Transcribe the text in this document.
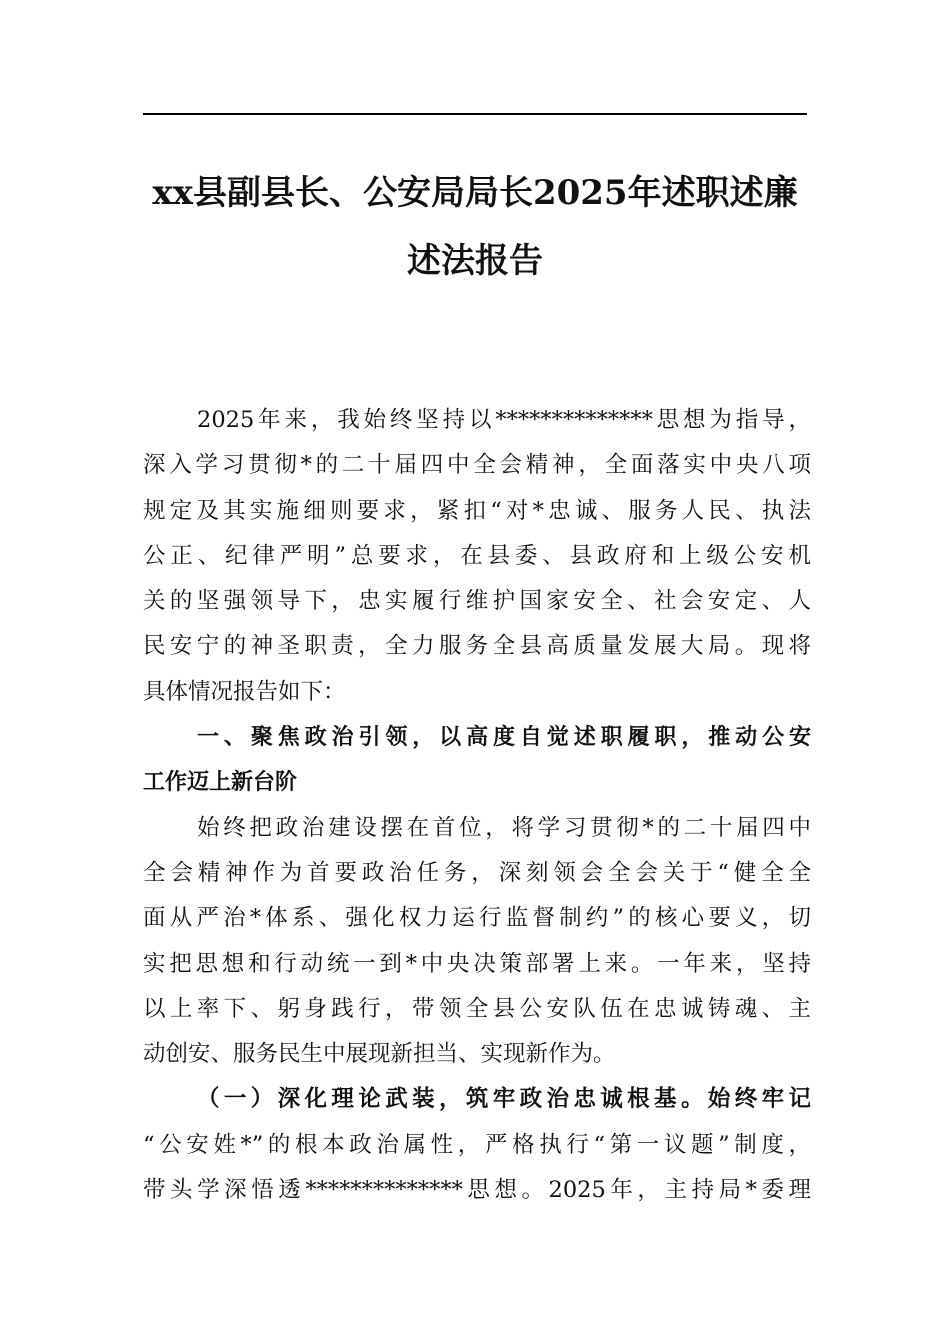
xx县副县长、公安局局长2025年述职述廉
述法报告
2025年来，我始终坚持以**************思想为指导，
深入学习贯彻*的二十届四中全会精神，全面落实中央八项
规定及其实施细则要求，紧扣“对*忠诚、服务人民、执法
公正、纪律严明”总要求，在县委、县政府和上级公安机
关的坚强领导下，忠实履行维护国家安全、社会安定、人
民安宁的神圣职责，全力服务全县高质量发展大局。现将
具体情况报告如下：
一、聚焦政治引领，以高度自觉述职履职，推动公安
工作迈上新台阶
始终把政治建设摆在首位，将学习贯彻*的二十届四中
全会精神作为首要政治任务，深刻领会全会关于“健全全
面从严治*体系、强化权力运行监督制约”的核心要义，切
实把思想和行动统一到*中央决策部署上来。一年来，坚持
以上率下、躬身践行，带领全县公安队伍在忠诚铸魂、主
动创安、服务民生中展现新担当、实现新作为。
（一）深化理论武装，筑牢政治忠诚根基。始终牢记
“公安姓*”的根本政治属性，严格执行“第一议题”制度，
带头学深悟透**************思想。2025年，主持局*委理
